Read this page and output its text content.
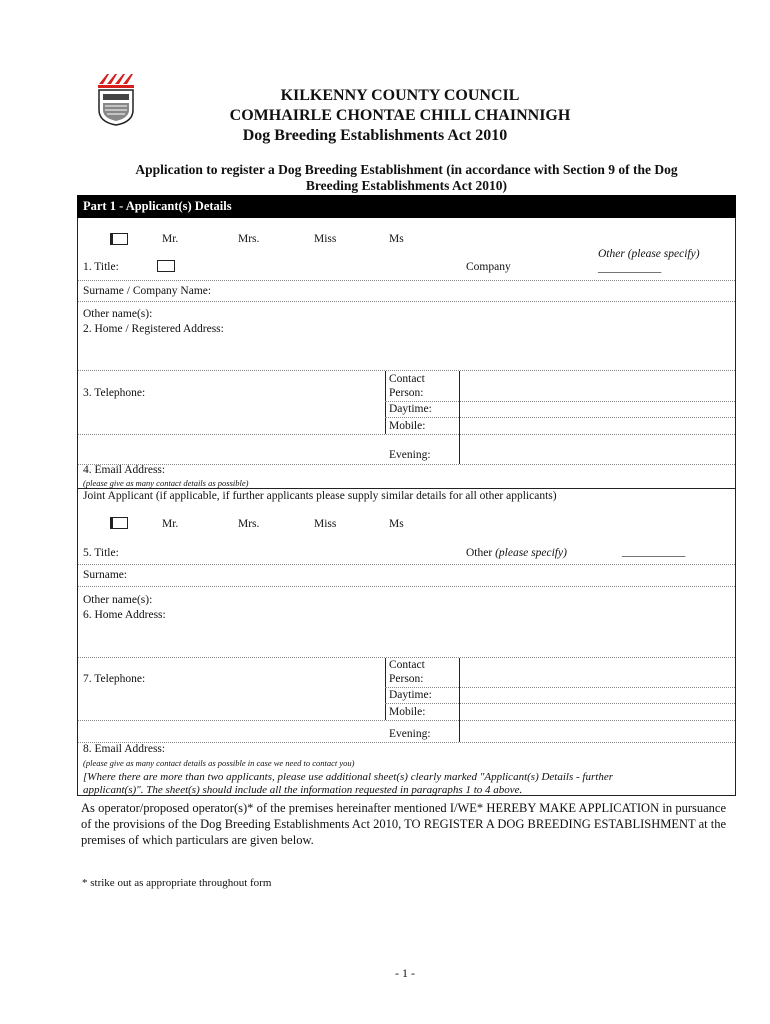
KILKENNY COUNTY COUNCIL
COMHAIRLE CHONTAE CHILL CHAINNIGH
Dog Breeding Establishments Act 2010
Application to register a Dog Breeding Establishment (in accordance with Section 9 of the Dog
Breeding Establishments Act 2010)
Part 1 - Applicant(s) Details
Mr.	Mrs.	Miss	Ms
Other (please specify)
___________
1. Title:	Company
Surname / Company Name:
Other name(s):
2. Home / Registered Address:
3. Telephone:
Contact
Person:
Daytime:
Mobile:
Evening:
4. Email Address:
(please give as many contact details as possible)
Joint Applicant (if applicable, if further applicants please supply similar details for all other applicants)
Mr.	Mrs.	Miss	Ms
5. Title:	Other (please specify)	___________
Surname:
Other name(s):
6. Home Address:
7. Telephone:
Contact
Person:
Daytime:
Mobile:
Evening:
8. Email Address:
(please give as many contact details as possible in case we need to contact you)
[Where there are more than two applicants, please use additional sheet(s) clearly marked "Applicant(s) Details - further
applicant(s)". The sheet(s) should include all the information requested in paragraphs 1 to 4 above.
As operator/proposed operator(s)* of the premises hereinafter mentioned I/WE* HEREBY MAKE APPLICATION in pursuance of the provisions of the Dog Breeding Establishments Act 2010, TO REGISTER A DOG BREEDING ESTABLISHMENT at the premises of which particulars are given below.
* strike out as appropriate throughout form
- 1 -
